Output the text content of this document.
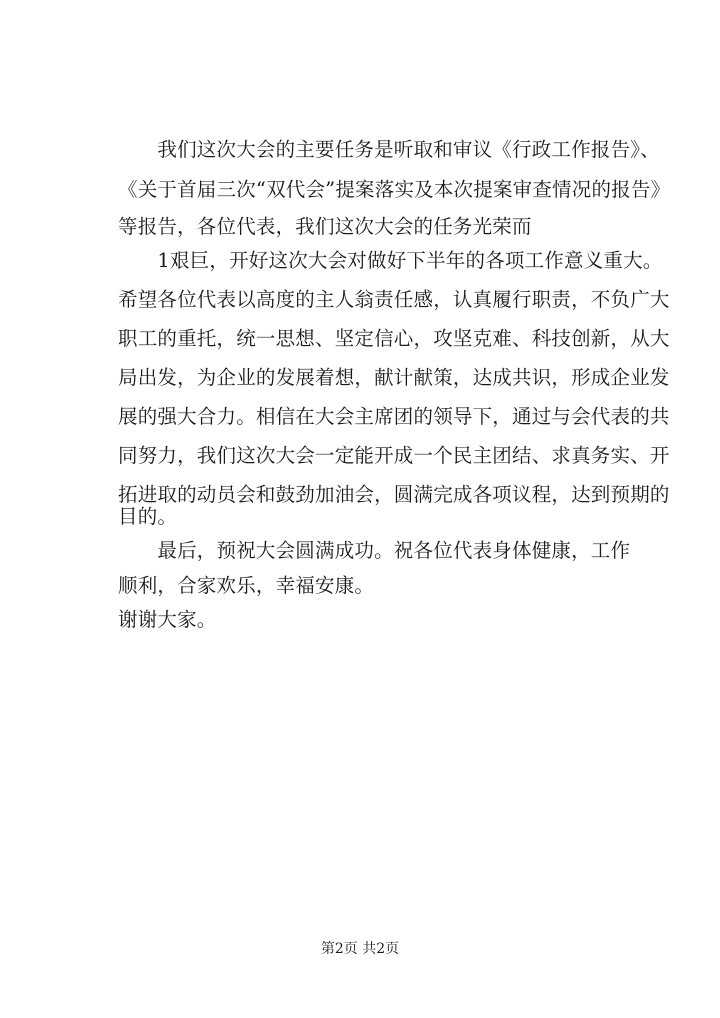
　　我们这次大会的主要任务是听取和审议《行政工作报告》、
《关于首届三次“双代会”提案落实及本次提案审查情况的报告》
等报告，各位代表，我们这次大会的任务光荣而
　　1艰巨，开好这次大会对做好下半年的各项工作意义重大。
希望各位代表以高度的主人翁责任感，认真履行职责，不负广大
职工的重托，统一思想、坚定信心，攻坚克难、科技创新，从大
局出发，为企业的发展着想，献计献策，达成共识，形成企业发
展的强大合力。相信在大会主席团的领导下，通过与会代表的共
同努力，我们这次大会一定能开成一个民主团结、求真务实、开
拓进取的动员会和鼓劲加油会，圆满完成各项议程，达到预期的
目的。
　　最后，预祝大会圆满成功。祝各位代表身体健康，工作
顺利，合家欢乐，幸福安康。
谢谢大家。
第2页 共2页
